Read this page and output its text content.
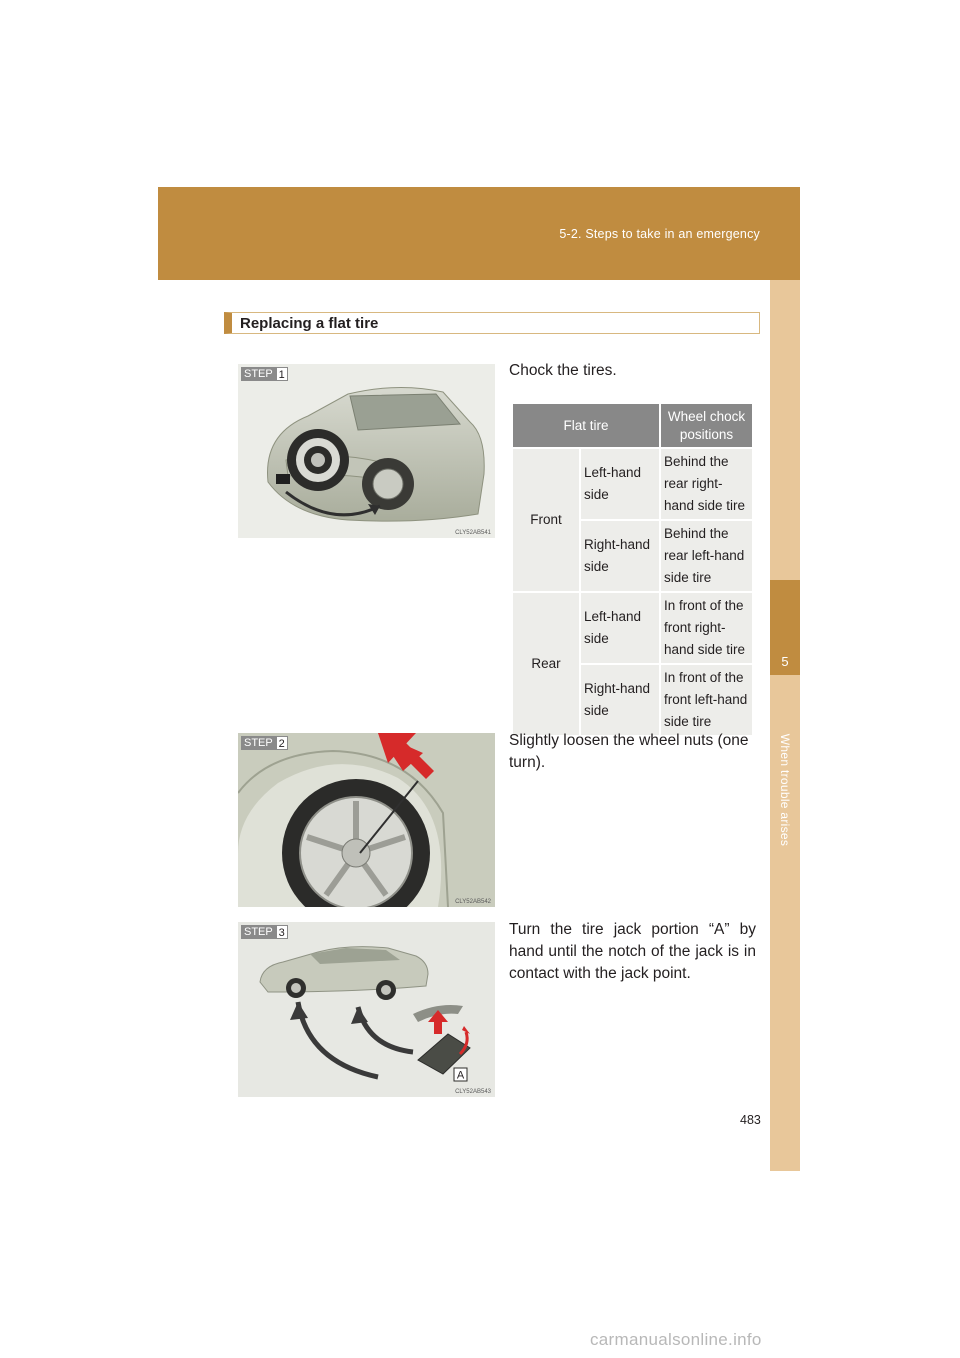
5-2. Steps to take in an emergency
5
When trouble arises
Replacing a flat tire
STEP 1
CLY52AB541
Chock the tires.
Flat tire		Wheel chock positions
Front	Left-hand side	Behind the rear right-hand side tire
	Right-hand side	Behind the rear left-hand side tire
Rear	Left-hand side	In front of the front right-hand side tire
	Right-hand side	In front of the front left-hand side tire
STEP 2
CLY52AB542
Slightly loosen the wheel nuts (one turn).
STEP 3
A
CLY52AB543
Turn the tire jack portion “A” by hand until the notch of the jack is in contact with the jack point.
483
carmanualsonline.info
